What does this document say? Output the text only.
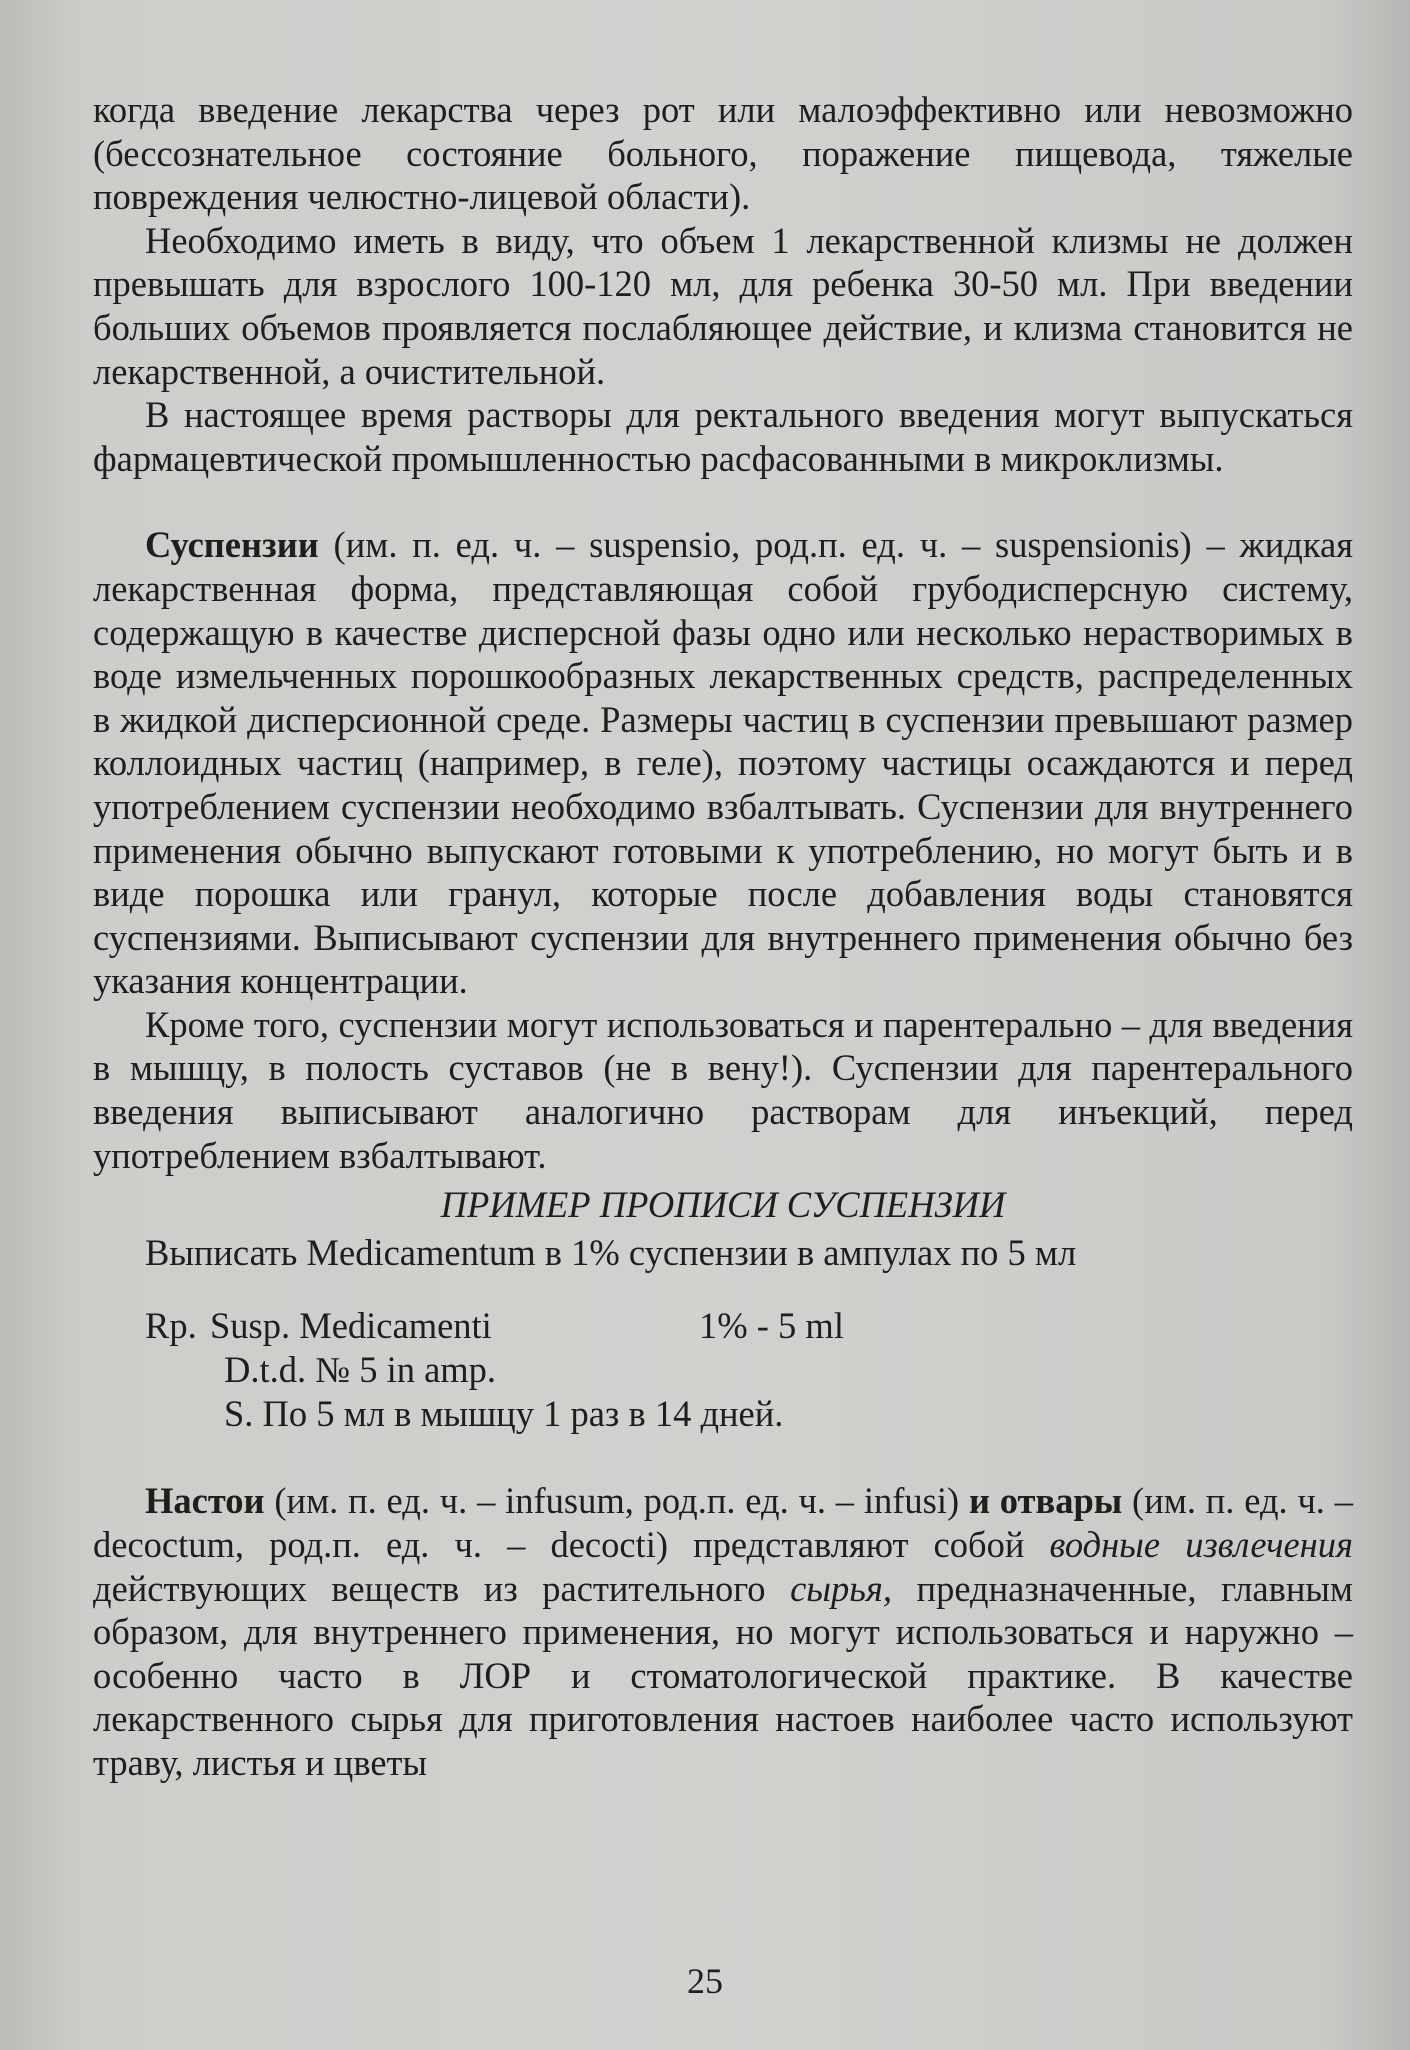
когда введение лекарства через рот или малоэффективно или невозможно (бессознательное состояние больного, поражение пищевода, тяжелые повреждения челюстно-лицевой области).

Необходимо иметь в виду, что объем 1 лекарственной клизмы не должен превышать для взрослого 100-120 мл, для ребенка 30-50 мл. При введении больших объемов проявляется послабляющее действие, и клизма становится не лекарственной, а очистительной.

В настоящее время растворы для ректального введения могут выпускаться фармацевтической промышленностью расфасованными в микроклизмы.

Суспензии (им. п. ед. ч. – suspensio, род.п. ед. ч. – suspensionis) – жидкая лекарственная форма, представляющая собой грубодисперсную систему, содержащую в качестве дисперсной фазы одно или несколько нерастворимых в воде измельченных порошкообразных лекарственных средств, распределенных в жидкой дисперсионной среде. Размеры частиц в суспензии превышают размер коллоидных частиц (например, в геле), поэтому частицы осаждаются и перед употреблением суспензии необходимо взбалтывать. Суспензии для внутреннего применения обычно выпускают готовыми к употреблению, но могут быть и в виде порошка или гранул, которые после добавления воды становятся суспензиями. Выписывают суспензии для внутреннего применения обычно без указания концентрации.

Кроме того, суспензии могут использоваться и парентерально – для введения в мышцу, в полость суставов (не в вену!). Суспензии для парентерального введения выписывают аналогично растворам для инъекций, перед употреблением взбалтывают.

ПРИМЕР ПРОПИСИ СУСПЕНЗИИ

Выписать Medicamentum в 1% суспензии в ампулах по 5 мл

Rp. Susp. Medicamenti	1% - 5 ml
D.t.d. № 5 in amp.
S. По 5 мл в мышцу 1 раз в 14 дней.

Настои (им. п. ед. ч. – infusum, род.п. ед. ч. – infusi) и отвары (им. п. ед. ч. – decoctum, род.п. ед. ч. – decocti) представляют собой водные извлечения действующих веществ из растительного сырья, предназначенные, главным образом, для внутреннего применения, но могут использоваться и наружно – особенно часто в ЛОР и стоматологической практике. В качестве лекарственного сырья для приготовления настоев наиболее часто используют траву, листья и цветы

25
